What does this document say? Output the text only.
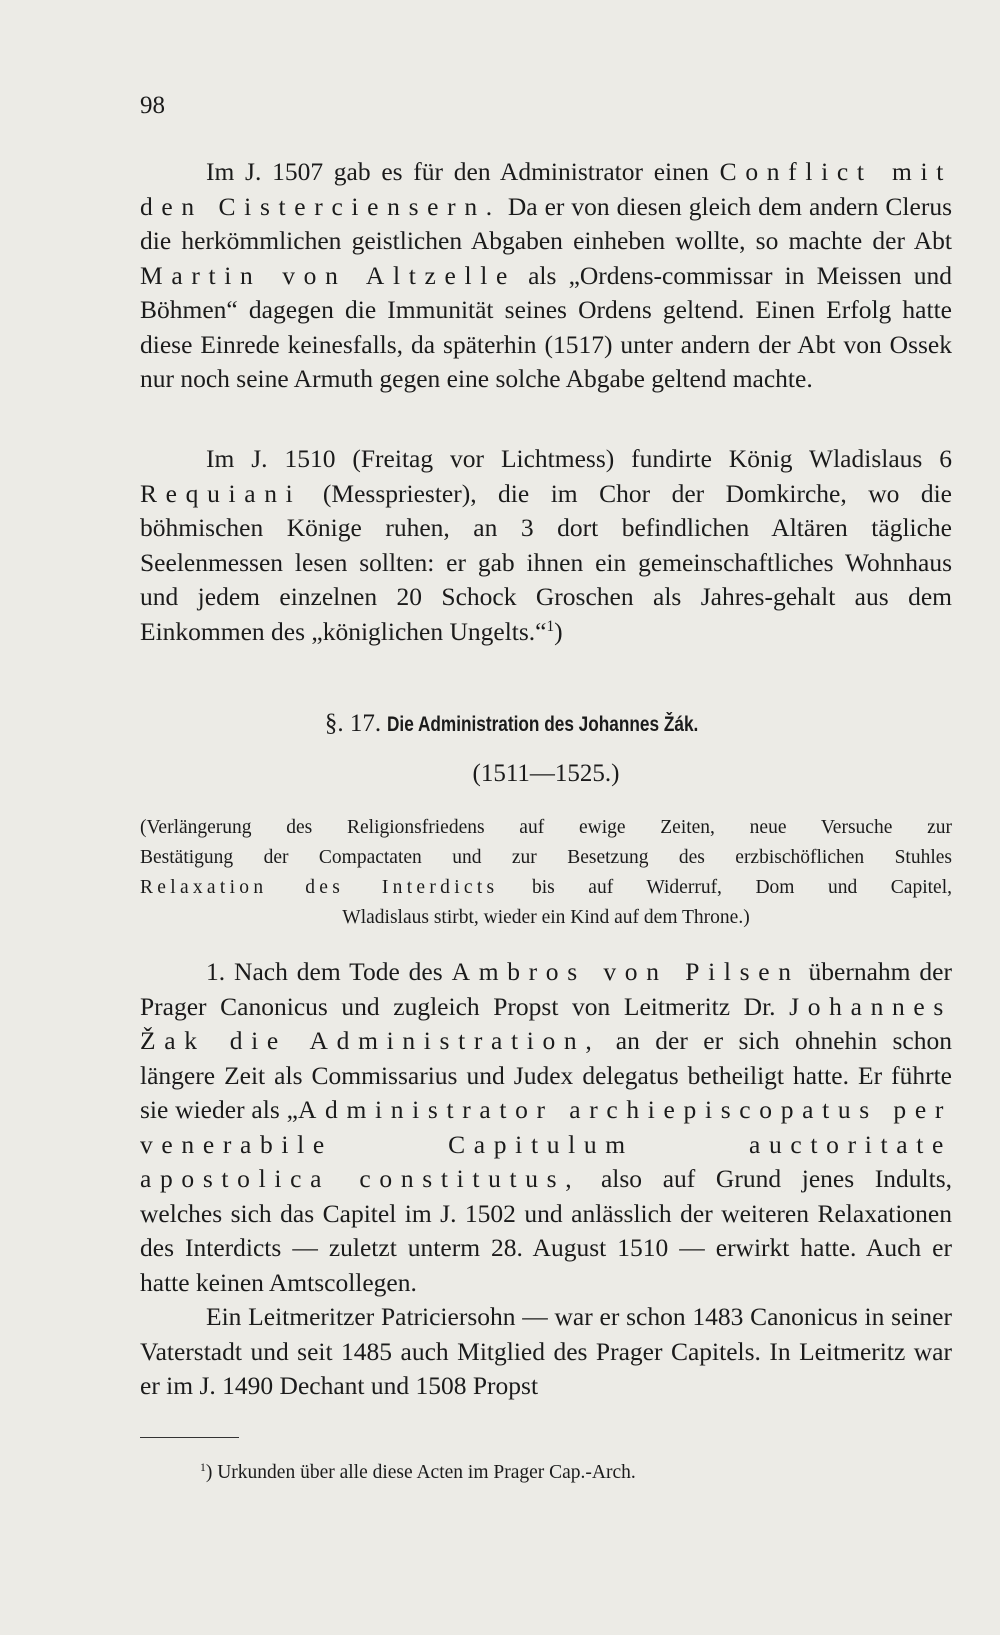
98

Im J. 1507 gab es für den Administrator einen Conflict mit den Cisterciensern. Da er von diesen gleich dem andern Clerus die herkömmlichen geistlichen Abgaben einheben wollte, so machte der Abt Martin von Altzelle als „Ordens-commissar in Meissen und Böhmen“ dagegen die Immunität seines Ordens geltend. Einen Erfolg hatte diese Einrede keinesfalls, da späterhin (1517) unter andern der Abt von Ossek nur noch seine Armuth gegen eine solche Abgabe geltend machte.

Im J. 1510 (Freitag vor Lichtmess) fundirte König Wladislaus 6 Requiani (Messpriester), die im Chor der Domkirche, wo die böhmischen Könige ruhen, an 3 dort befindlichen Altären tägliche Seelenmessen lesen sollten: er gab ihnen ein gemeinschaftliches Wohnhaus und jedem einzelnen 20 Schock Groschen als Jahres-gehalt aus dem Einkommen des „königlichen Ungelts.“$^1$)

§. 17. Die Administration des Johannes Žák.
(1511—1525.)
(Verlängerung des Religionsfriedens auf ewige Zeiten, neue Versuche zur
Bestätigung der Compactaten und zur Besetzung des erzbischöflichen Stuhles
Relaxation des Interdicts bis auf Widerruf, Dom und Capitel,
Wladislaus stirbt, wieder ein Kind auf dem Throne.)

1. Nach dem Tode des Ambros von Pilsen übernahm der Prager Canonicus und zugleich Propst von Leitmeritz Dr. Johannes Žak die Administration, an der er sich ohnehin schon längere Zeit als Commissarius und Judex delegatus betheiligt hatte. Er führte sie wieder als „Administrator archiepiscopatus per venerabile Capitulum auctoritate apostolica constitutus, also auf Grund jenes Indults, welches sich das Capitel im J. 1502 und anlässlich der weiteren Relaxationen des Interdicts — zuletzt unterm 28. August 1510 — erwirkt hatte. Auch er hatte keinen Amtscollegen.

Ein Leitmeritzer Patriciersohn — war er schon 1483 Canonicus in seiner Vaterstadt und seit 1485 auch Mitglied des Prager Capitels. In Leitmeritz war er im J. 1490 Dechant und 1508 Propst

$^1$) Urkunden über alle diese Acten im Prager Cap.-Arch.
